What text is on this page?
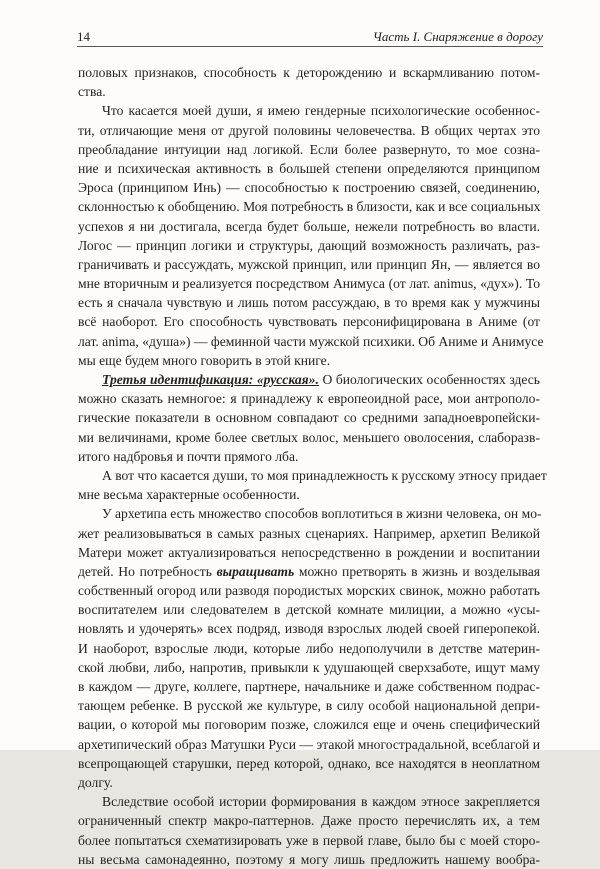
14	Часть I. Снаряжение в дорогу
половых признаков, способность к деторождению и вскармливанию потом-
ства.
Что касается моей души, я имею гендерные психологические особеннос-
ти, отличающие меня от другой половины человечества. В общих чертах это
преобладание интуиции над логикой. Если более развернуто, то мое созна-
ние и психическая активность в большей степени определяются принципом
Эроса (принципом Инь) — способностью к построению связей, соединению,
склонностью к обобщению. Моя потребность в близости, как и все социальных
успехов я ни достигала, всегда будет больше, нежели потребность во власти.
Логос — принцип логики и структуры, дающий возможность различать, раз-
граничивать и рассуждать, мужской принцип, или принцип Ян, — является во
мне вторичным и реализуется посредством Анимуса (от лат. animus, «дух»). То
есть я сначала чувствую и лишь потом рассуждаю, в то время как у мужчины
всё наоборот. Его способность чувствовать персонифицирована в Аниме (от
лат. anima, «душа») — феминной части мужской психики. Об Аниме и Анимусе
мы еще будем много говорить в этой книге.
Третья идентификация: «русская». О биологических особенностях здесь
можно сказать немногое: я принадлежу к европеоидной расе, мои антрополо-
гические показатели в основном совпадают со средними западноевропейски-
ми величинами, кроме более светлых волос, меньшего оволосения, слаборазв-
итого надбровья и почти прямого лба.
А вот что касается души, то моя принадлежность к русскому этносу придает
мне весьма характерные особенности.
У архетипа есть множество способов воплотиться в жизни человека, он мо-
жет реализовываться в самых разных сценариях. Например, архетип Великой
Матери может актуализироваться непосредственно в рождении и воспитании
детей. Но потребность выращивать можно претворять в жизнь и возделывая
собственный огород или разводя породистых морских свинок, можно работать
воспитателем или следователем в детской комнате милиции, а можно «усы-
новлять и удочерять» всех подряд, изводя взрослых людей своей гиперопекой.
И наоборот, взрослые люди, которые либо недополучили в детстве материн-
ской любви, либо, напротив, привыкли к удушающей сверхзаботе, ищут маму
в каждом — друге, коллеге, партнере, начальнике и даже собственном подрас-
тающем ребенке. В русской же культуре, в силу особой национальной депри-
вации, о которой мы поговорим позже, сложился еще и очень специфический
архетипический образ Матушки Руси — этакой многострадальной, всеблагой и
всепрощающей старушки, перед которой, однако, все находятся в неоплатном
долгу.
Вследствие особой истории формирования в каждом этносе закрепляется
ограниченный спектр макро-паттернов. Даже просто перечислять их, а тем
более попытаться схематизировать уже в первой главе, было бы с моей сторо-
ны весьма самонадеянно, поэтому я могу лишь предложить нашему вообра-
